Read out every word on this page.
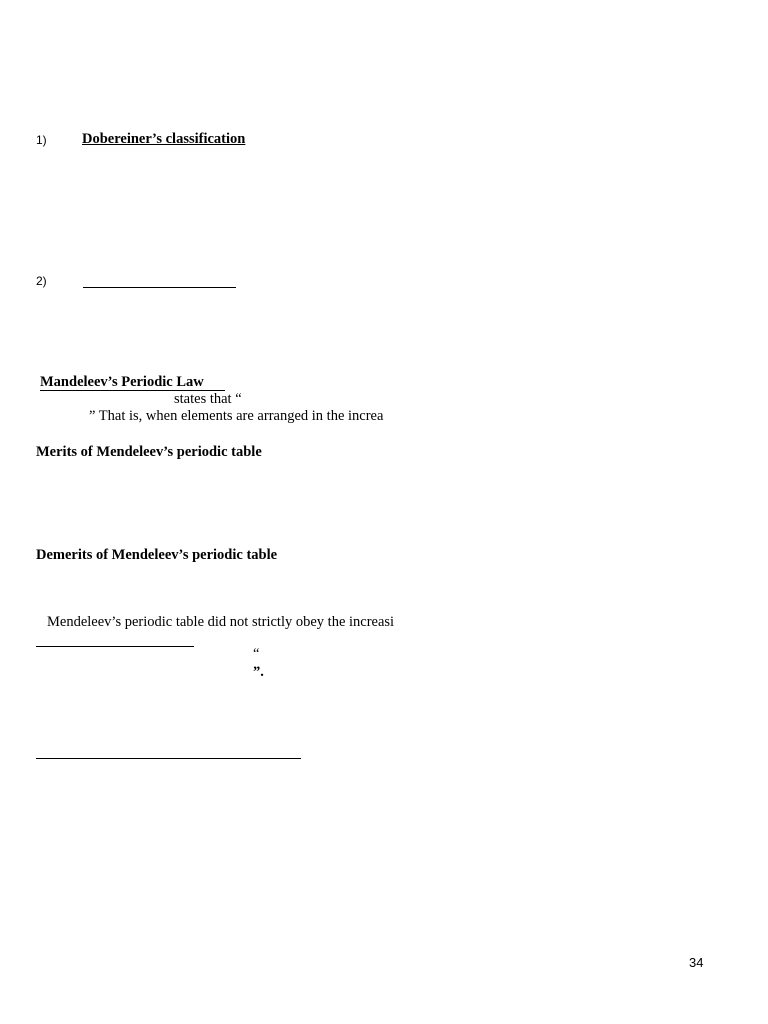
1) Dobereiner’s classification
2)
Mandeleev’s Periodic Law
states that “
” That is, when elements are arranged in the increa
Merits of Mendeleev’s periodic table
Demerits of Mendeleev’s periodic table
Mendeleev’s periodic table did not strictly obey the increasi
“
”.
34
